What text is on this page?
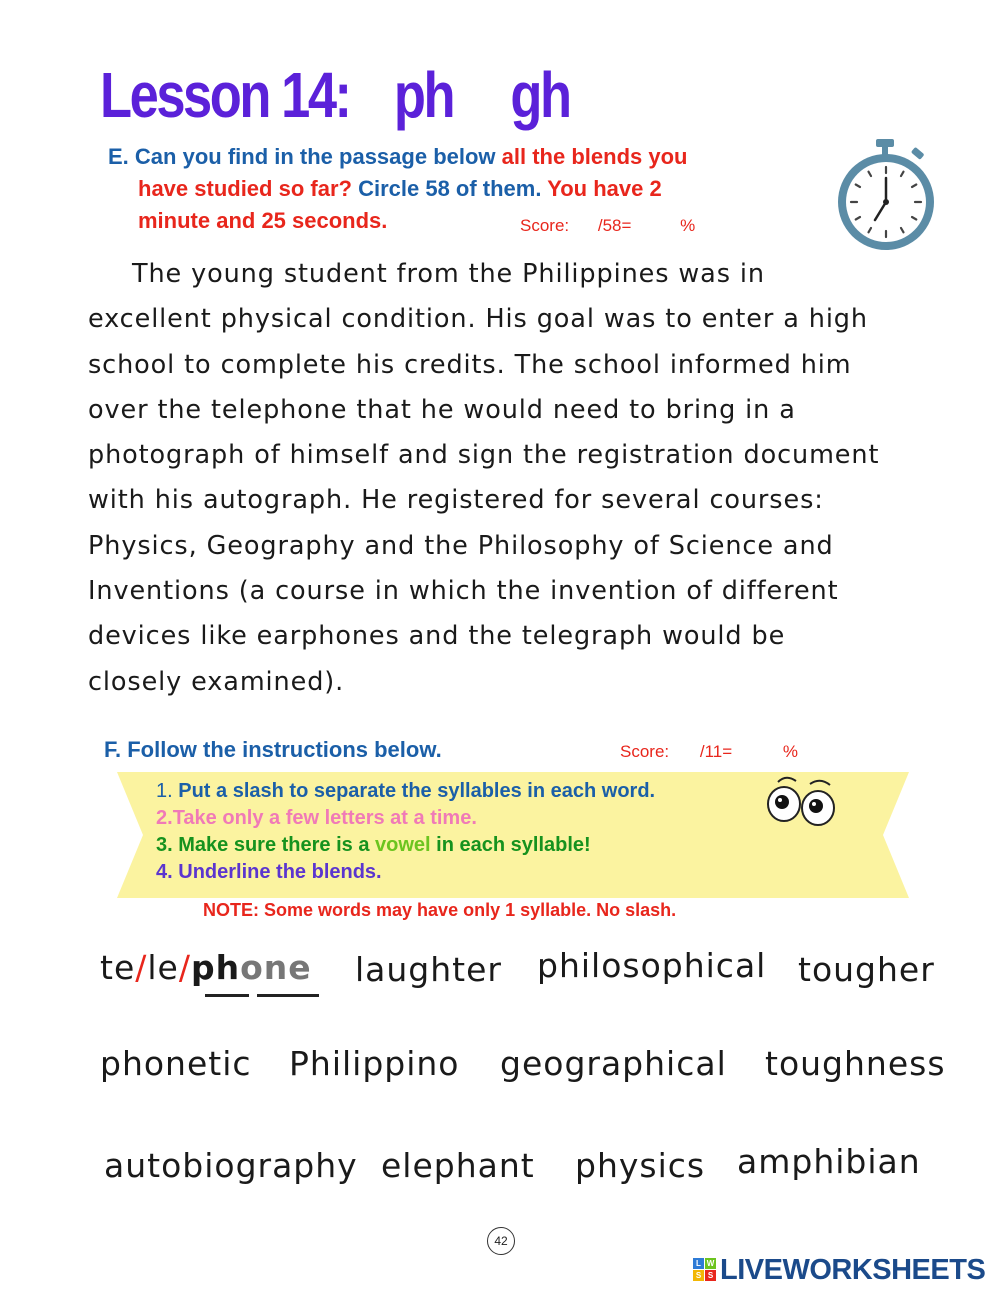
Lesson 14: ph gh
E. Can you find in the passage below all the blends you
have studied so far? Circle 58 of them. You have 2
minute and 25 seconds.	Score: /58=	%
The young student from the Philippines was in
excellent physical condition. His goal was to enter a high
school to complete his credits. The school informed him
over the telephone that he would need to bring in a
photograph of himself and sign the registration document
with his autograph. He registered for several courses:
Physics, Geography and the Philosophy of Science and
Inventions (a course in which the invention of different
devices like earphones and the telegraph would be
closely examined).
F. Follow the instructions below.	Score: /11=	%
1. Put a slash to separate the syllables in each word.
2.Take only a few letters at a time.
3. Make sure there is a vowel in each syllable!
4. Underline the blends.
NOTE: Some words may have only 1 syllable. No slash.
te/le/phone laughter philosophical tougher
phonetic Philippino geographical toughness
autobiography elephant physics amphibian
42
L W
S S LIVEWORKSHEETS
